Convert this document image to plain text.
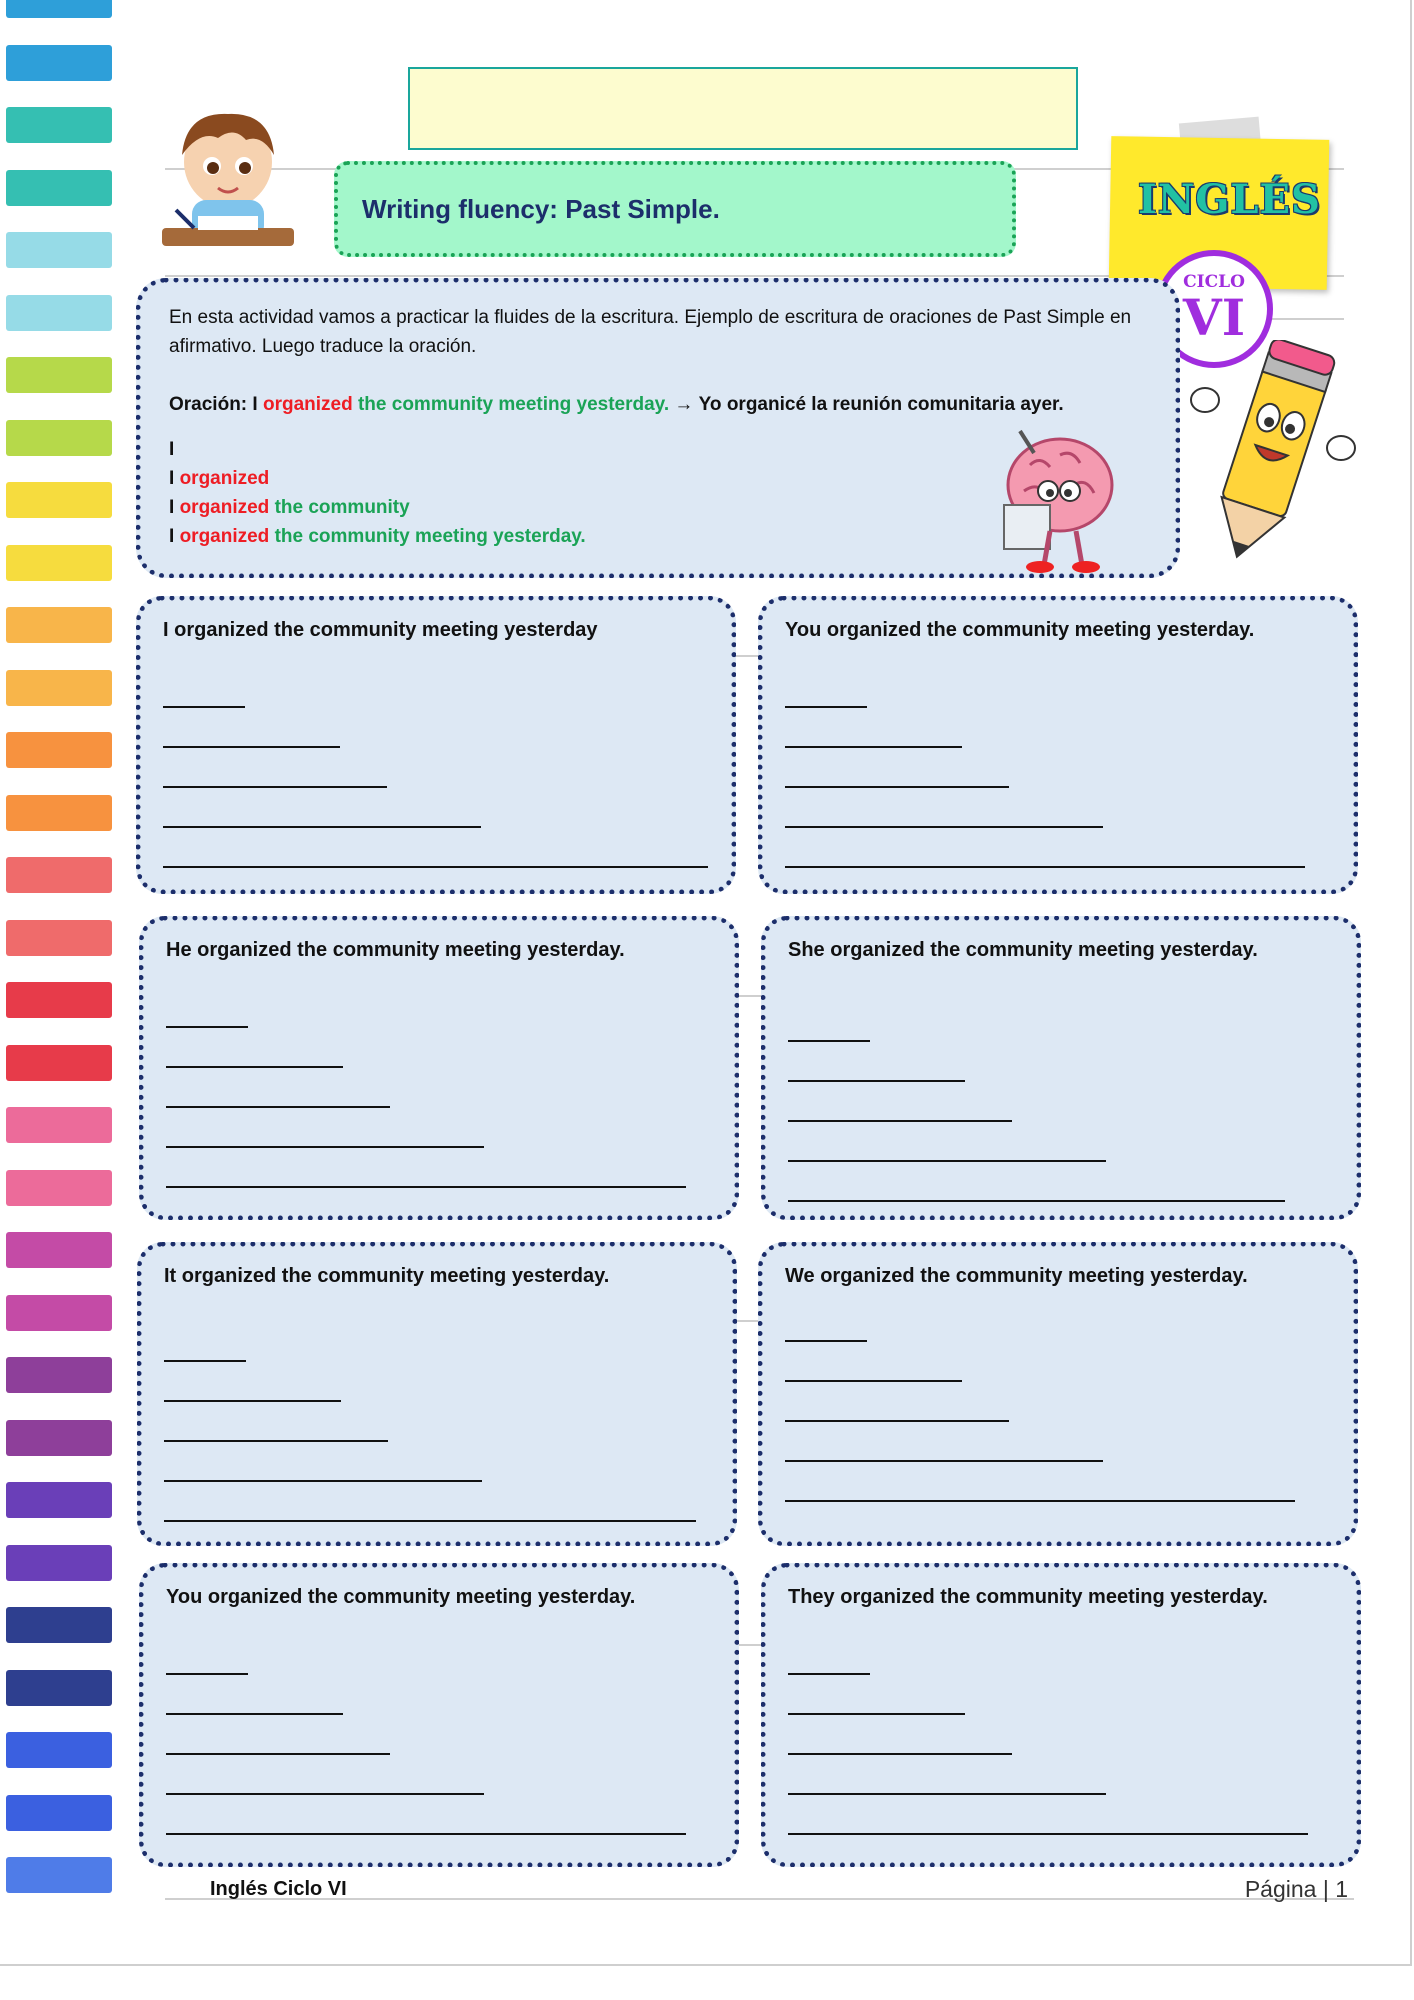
Writing fluency: Past Simple.	INGLÉS
CICLO
VI

En esta actividad vamos a practicar la fluides de la escritura. Ejemplo de escritura de oraciones de Past Simple en afirmativo. Luego traduce la oración.

Oración: I organized the community meeting yesterday. → Yo organicé la reunión comunitaria ayer.

I
I organized
I organized the community
I organized the community meeting yesterday.
I organized the community meeting yesterday	You organized the community meeting yesterday.
He organized the community meeting yesterday.	She organized the community meeting yesterday.
It organized the community meeting yesterday.	We organized the community meeting yesterday.
You organized the community meeting yesterday.	They organized the community meeting yesterday.
Inglés Ciclo VI	Página | 1
